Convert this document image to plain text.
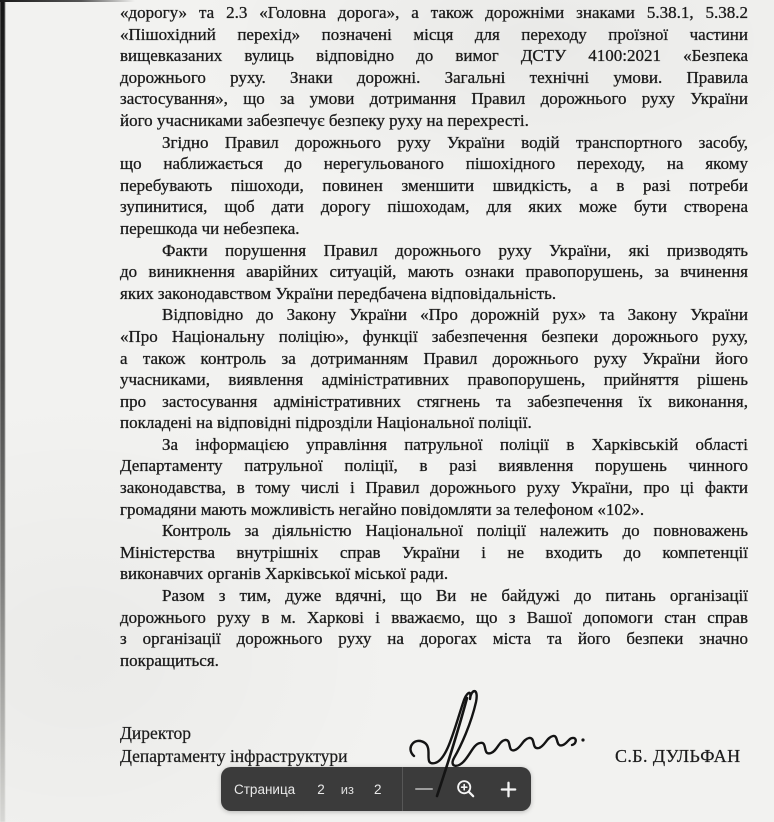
«дорогу» та 2.3 «Головна дорога», а також дорожніми знаками 5.38.1, 5.38.2
«Пішохідний перехід» позначені місця для переходу проїзної частини
вищевказаних вулиць відповідно до вимог ДСТУ 4100:2021 «Безпека
дорожнього руху. Знаки дорожні. Загальні технічні умови. Правила
застосування», що за умови дотримання Правил дорожнього руху України
його учасниками забезпечує безпеку руху на перехресті.
Згідно Правил дорожнього руху України водій транспортного засобу,
що наближається до нерегульованого пішохідного переходу, на якому
перебувають пішоходи, повинен зменшити швидкість, а в разі потреби
зупинитися, щоб дати дорогу пішоходам, для яких може бути створена
перешкода чи небезпека.
Факти порушення Правил дорожнього руху України, які призводять
до виникнення аварійних ситуацій, мають ознаки правопорушень, за вчинення
яких законодавством України передбачена відповідальність.
Відповідно до Закону України «Про дорожній рух» та Закону України
«Про Національну поліцію», функції забезпечення безпеки дорожнього руху,
а також контроль за дотриманням Правил дорожнього руху України його
учасниками, виявлення адміністративних правопорушень, прийняття рішень
про застосування адміністративних стягнень та забезпечення їх виконання,
покладені на відповідні підрозділи Національної поліції.
За інформацією управління патрульної поліції в Харківській області
Департаменту патрульної поліції, в разі виявлення порушень чинного
законодавства, в тому числі і Правил дорожнього руху України, про ці факти
громадяни мають можливість негайно повідомляти за телефоном «102».
Контроль за діяльністю Національної поліції належить до повноважень
Міністерства внутрішніх справ України і не входить до компетенції
виконавчих органів Харківської міської ради.
Разом з тим, дуже вдячні, що Ви не байдужі до питань організації
дорожнього руху в м. Харкові і вважаємо, що з Вашої допомоги стан справ
з організації дорожнього руху на дорогах міста та його безпеки значно
покращиться.
Директор
Департаменту інфраструктури	С.Б. ДУЛЬФАН
Страница 2 из 2
